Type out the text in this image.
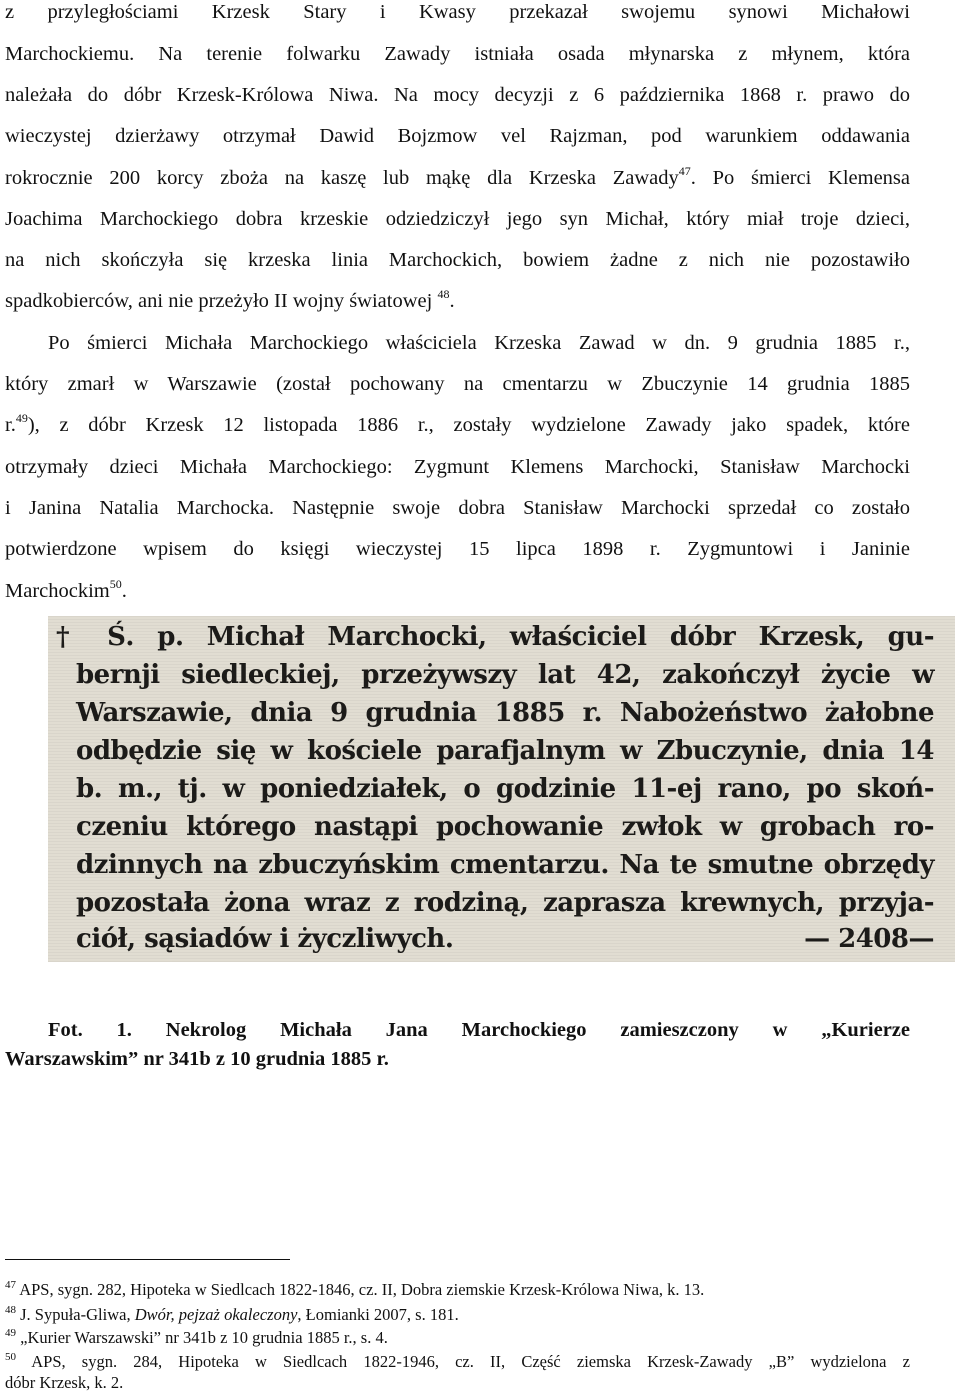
z przyległościami Krzesk Stary i Kwasy przekazał swojemu synowi Michałowi
Marchockiemu. Na terenie folwarku Zawady istniała osada młynarska z młynem, która
należała do dóbr Krzesk-Królowa Niwa. Na mocy decyzji z 6 października 1868 r. prawo do
wieczystej dzierżawy otrzymał Dawid Bojzmow vel Rajzman, pod warunkiem oddawania
rokrocznie 200 korcy zboża na kaszę lub mąkę dla Krzeska Zawady$^{47}$. Po śmierci Klemensa
Joachima Marchockiego dobra krzeskie odziedziczył jego syn Michał, który miał troje dzieci,
na nich skończyła się krzeska linia Marchockich, bowiem żadne z nich nie pozostawiło
spadkobierców, ani nie przeżyło II wojny światowej $^{48}$.
Po śmierci Michała Marchockiego właściciela Krzeska Zawad w dn. 9 grudnia 1885 r.,
który zmarł w Warszawie (został pochowany na cmentarzu w Zbuczynie 14 grudnia 1885
r.$^{49}$), z dóbr Krzesk 12 listopada 1886 r., zostały wydzielone Zawady jako spadek, które
otrzymały dzieci Michała Marchockiego: Zygmunt Klemens Marchocki, Stanisław Marchocki
i Janina Natalia Marchocka. Następnie swoje dobra Stanisław Marchocki sprzedał co zostało
potwierdzone wpisem do księgi wieczystej 15 lipca 1898 r. Zygmuntowi i Janinie
Marchockim$^{50}$.
† Ś. p. Michał Marchocki, właściciel dóbr Krzesk, gu-
bernji siedleckiej, przeżywszy lat 42, zakończył życie w
Warszawie, dnia 9 grudnia 1885 r. Nabożeństwo żałobne
odbędzie się w kościele parafjalnym w Zbuczynie, dnia 14
b. m., tj. w poniedziałek, o godzinie 11-ej rano, po skoń-
czeniu którego nastąpi pochowanie zwłok w grobach ro-
dzinnych na zbuczyńskim cmentarzu. Na te smutne obrzędy
pozostała żona wraz z rodziną, zaprasza krewnych, przyja-
ciół, sąsiadów i życzliwych.	— 2408—
Fot. 1. Nekrolog Michała Jana Marchockiego zamieszczony w „Kurierze
Warszawskim” nr 341b z 10 grudnia 1885 r.
$^{47}$ APS, sygn. 282, Hipoteka w Siedlcach 1822-1846, cz. II, Dobra ziemskie Krzesk-Królowa Niwa, k. 13.
$^{48}$ J. Sypuła-Gliwa, Dwór, pejzaż okaleczony, Łomianki 2007, s. 181.
$^{49}$ „Kurier Warszawski” nr 341b z 10 grudnia 1885 r., s. 4.
$^{50}$ APS, sygn. 284, Hipoteka w Siedlcach 1822-1946, cz. II, Część ziemska Krzesk-Zawady „B” wydzielona z
dóbr Krzesk, k. 2.
